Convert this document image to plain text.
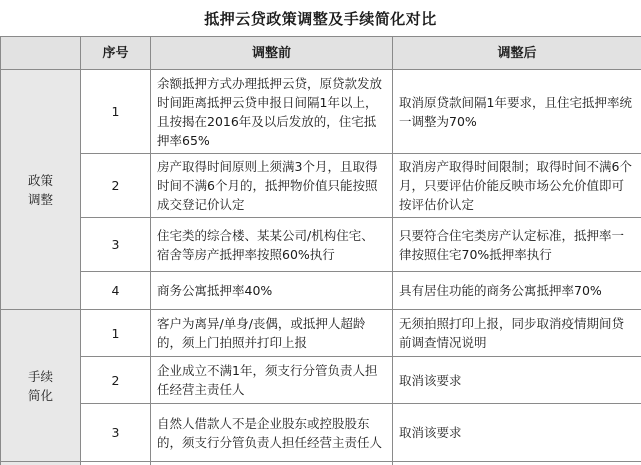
抵押云贷政策调整及手续简化对比
	序号	调整前	调整后

政策
调整	1	余额抵押方式办理抵押云贷，原贷款发放时间距离抵押云贷申报日间隔1年以上，且按揭在2016年及以后发放的，住宅抵押率65%	取消原贷款间隔1年要求，且住宅抵押率统一调整为70%
	2	房产取得时间原则上须满3个月，且取得时间不满6个月的，抵押物价值只能按照成交登记价认定	取消房产取得时间限制；取得时间不满6个月，只要评估价能反映市场公允价值即可按评估价认定
	3	住宅类的综合楼、某某公司/机构住宅、宿舍等房产抵押率按照60%执行	只要符合住宅类房产认定标准，抵押率一律按照住宅70%抵押率执行
	4	商务公寓抵押率40%	具有居住功能的商务公寓抵押率70%

手续
简化	1	客户为离异/单身/丧偶，或抵押人超龄的，须上门拍照并打印上报	无须拍照打印上报，同步取消疫情期间贷前调查情况说明
	2	企业成立不满1年，须支行分管负责人担任经营主责任人	取消该要求
	3	自然人借款人不是企业股东或控股股东的，须支行分管负责人担任经营主责任人	取消该要求
